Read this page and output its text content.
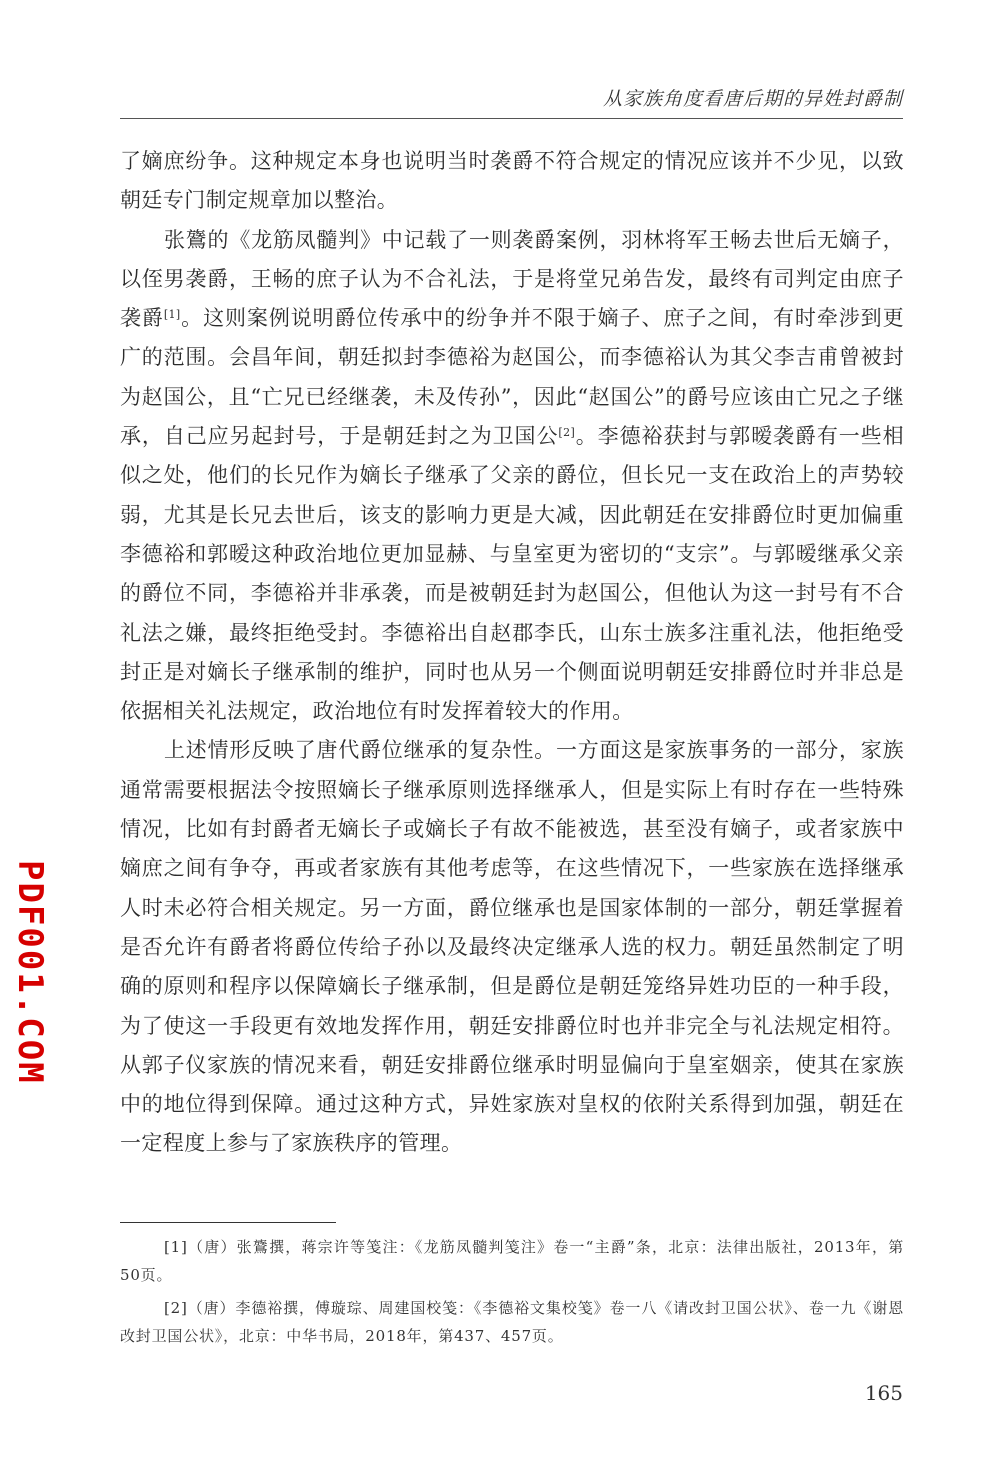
从家族角度看唐后期的异姓封爵制

了嫡庶纷争。这种规定本身也说明当时袭爵不符合规定的情况应该并不少见，以致朝廷专门制定规章加以整治。

张鷟的《龙筋凤髓判》中记载了一则袭爵案例，羽林将军王畅去世后无嫡子，以侄男袭爵，王畅的庶子认为不合礼法，于是将堂兄弟告发，最终有司判定由庶子袭爵[1]。这则案例说明爵位传承中的纷争并不限于嫡子、庶子之间，有时牵涉到更广的范围。会昌年间，朝廷拟封李德裕为赵国公，而李德裕认为其父李吉甫曾被封为赵国公，且“亡兄已经继袭，未及传孙”，因此“赵国公”的爵号应该由亡兄之子继承，自己应另起封号，于是朝廷封之为卫国公[2]。李德裕获封与郭暧袭爵有一些相似之处，他们的长兄作为嫡长子继承了父亲的爵位，但长兄一支在政治上的声势较弱，尤其是长兄去世后，该支的影响力更是大减，因此朝廷在安排爵位时更加偏重李德裕和郭暧这种政治地位更加显赫、与皇室更为密切的“支宗”。与郭暧继承父亲的爵位不同，李德裕并非承袭，而是被朝廷封为赵国公，但他认为这一封号有不合礼法之嫌，最终拒绝受封。李德裕出自赵郡李氏，山东士族多注重礼法，他拒绝受封正是对嫡长子继承制的维护，同时也从另一个侧面说明朝廷安排爵位时并非总是依据相关礼法规定，政治地位有时发挥着较大的作用。

上述情形反映了唐代爵位继承的复杂性。一方面这是家族事务的一部分，家族通常需要根据法令按照嫡长子继承原则选择继承人，但是实际上有时存在一些特殊情况，比如有封爵者无嫡长子或嫡长子有故不能被选，甚至没有嫡子，或者家族中嫡庶之间有争夺，再或者家族有其他考虑等，在这些情况下，一些家族在选择继承人时未必符合相关规定。另一方面，爵位继承也是国家体制的一部分，朝廷掌握着是否允许有爵者将爵位传给子孙以及最终决定继承人选的权力。朝廷虽然制定了明确的原则和程序以保障嫡长子继承制，但是爵位是朝廷笼络异姓功臣的一种手段，为了使这一手段更有效地发挥作用，朝廷安排爵位时也并非完全与礼法规定相符。从郭子仪家族的情况来看，朝廷安排爵位继承时明显偏向于皇室姻亲，使其在家族中的地位得到保障。通过这种方式，异姓家族对皇权的依附关系得到加强，朝廷在一定程度上参与了家族秩序的管理。

[1]（唐）张鷟撰，蒋宗许等笺注：《龙筋凤髓判笺注》卷一“主爵”条，北京：法律出版社，2013年，第50页。

[2]（唐）李德裕撰，傅璇琮、周建国校笺：《李德裕文集校笺》卷一八《请改封卫国公状》、卷一九《谢恩改封卫国公状》，北京：中华书局，2018年，第437、457页。

165
PDF001.COM
